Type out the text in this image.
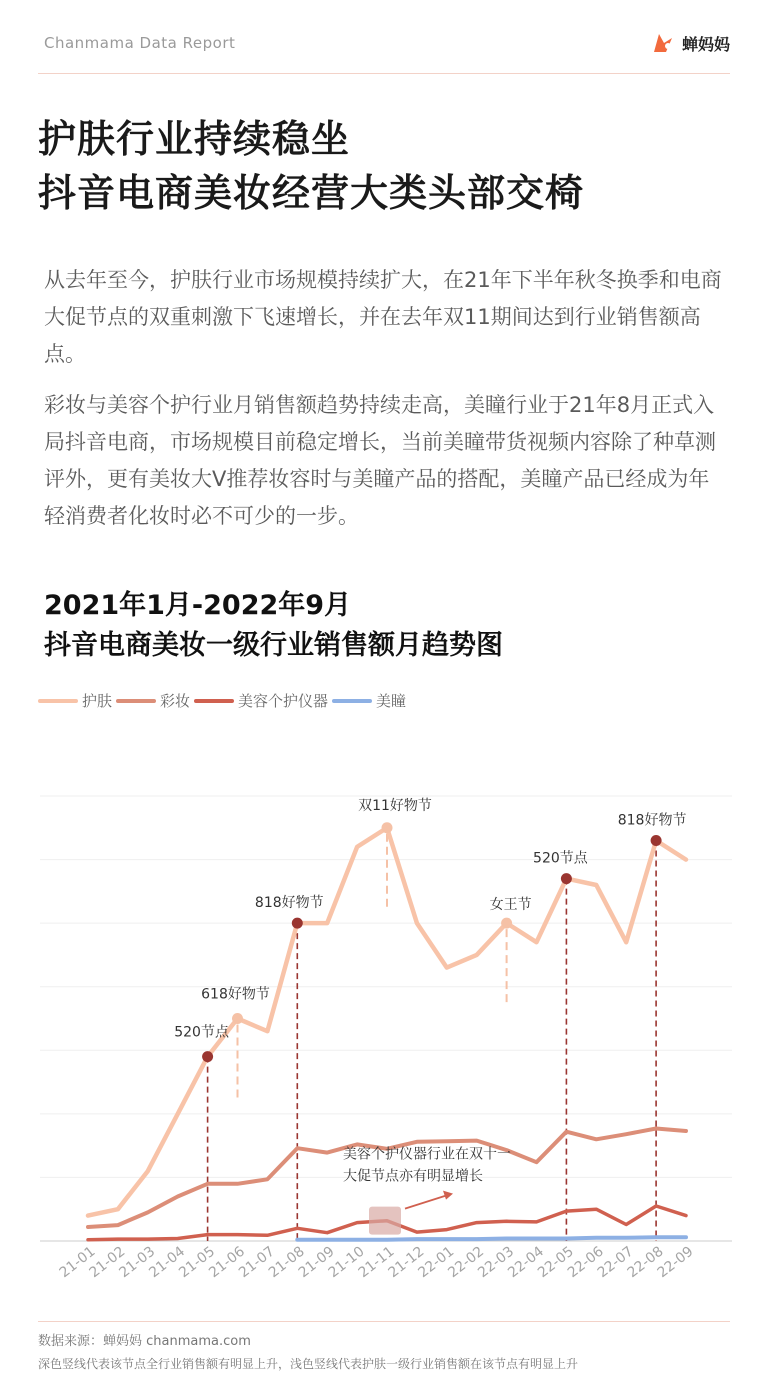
Chanmama Data Report	蝉妈妈
护肤行业持续稳坐
抖音电商美妆经营大类头部交椅

从去年至今，护肤行业市场规模持续扩大，在21年下半年秋冬换季和电商大促节点的双重刺激下飞速增长，并在去年双11期间达到行业销售额高点。

彩妆与美容个护行业月销售额趋势持续走高，美瞳行业于21年8月正式入局抖音电商，市场规模目前稳定增长，当前美瞳带货视频内容除了种草测评外，更有美妆大V推荐妆容时与美瞳产品的搭配，美瞳产品已经成为年轻消费者化妆时必不可少的一步。

2021年1月-2022年9月
抖音电商美妆一级行业销售额月趋势图
护肤	彩妆	美容个护仪器	美瞳
21-01
21-02
21-03
21-04
21-05
21-06
21-07
21-08
21-09
21-10
21-11
21-12
22-01
22-02
22-03
22-04
22-05
22-06
22-07
22-08
22-09
520节点
618好物节
818好物节
双11好物节
女王节
520节点
818好物节
美容个护仪器行业在双十一
大促节点亦有明显增长
数据来源：蝉妈妈 chanmama.com
深色竖线代表该节点全行业销售额有明显上升，浅色竖线代表护肤一级行业销售额在该节点有明显上升
